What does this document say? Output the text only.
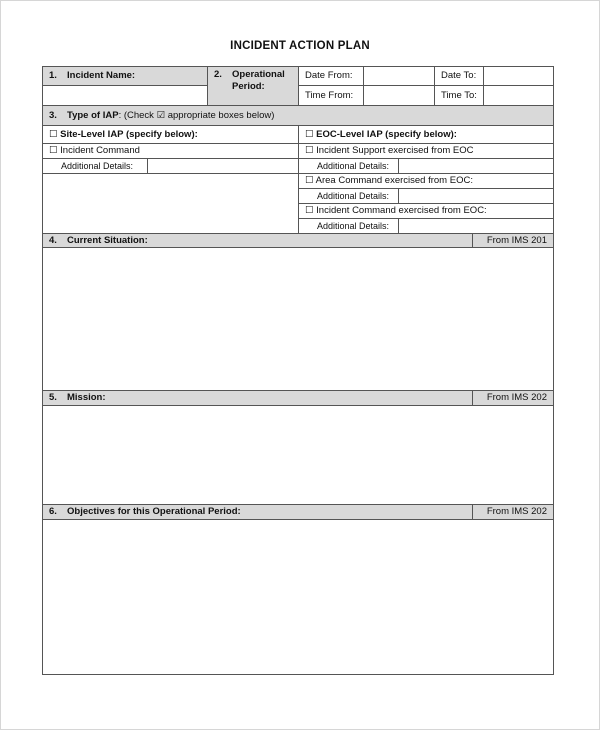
INCIDENT ACTION PLAN
1. Incident Name:	2. Operational
Period:
Date From:	Date To:
Time From:	Time To:
3. Type of IAP: (Check ☑ appropriate boxes below)
☐ Site-Level IAP (specify below):
☐ Incident Command
Additional Details:
☐ EOC-Level IAP (specify below):
☐ Incident Support exercised from EOC
Additional Details:
☐ Area Command exercised from EOC:
Additional Details:
☐ Incident Command exercised from EOC:
Additional Details:
4. Current Situation:	From IMS 201
5. Mission:	From IMS 202
6. Objectives for this Operational Period:	From IMS 202
